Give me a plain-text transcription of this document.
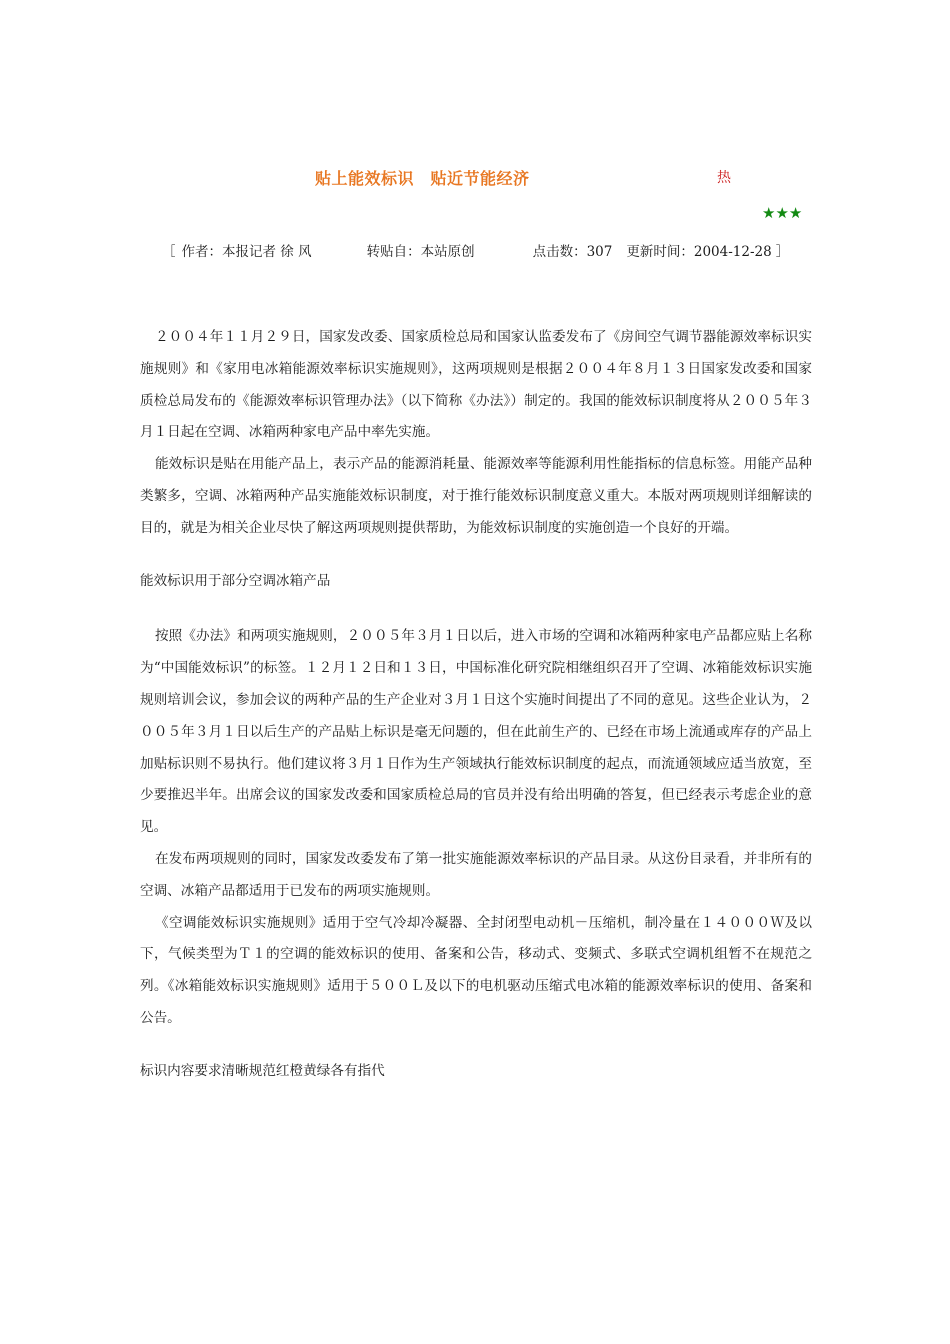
贴上能效标识　贴近节能经济	热
★★★
［ 作者：本报记者 徐 风	转贴自：本站原创	点击数：307 更新时间：2004-12-28 ］

２００４年１１月２９日，国家发改委、国家质检总局和国家认监委发布了《房间空气调节器能源效率标识实施规则》和《家用电冰箱能源效率标识实施规则》，这两项规则是根据２００４年８月１３日国家发改委和国家质检总局发布的《能源效率标识管理办法》（以下简称《办法》）制定的。我国的能效标识制度将从２００５年３月１日起在空调、冰箱两种家电产品中率先实施。

能效标识是贴在用能产品上，表示产品的能源消耗量、能源效率等能源利用性能指标的信息标签。用能产品种类繁多，空调、冰箱两种产品实施能效标识制度，对于推行能效标识制度意义重大。本版对两项规则详细解读的目的，就是为相关企业尽快了解这两项规则提供帮助，为能效标识制度的实施创造一个良好的开端。

能效标识用于部分空调冰箱产品

按照《办法》和两项实施规则，２００５年３月１日以后，进入市场的空调和冰箱两种家电产品都应贴上名称为“中国能效标识”的标签。１２月１２日和１３日，中国标准化研究院相继组织召开了空调、冰箱能效标识实施规则培训会议，参加会议的两种产品的生产企业对３月１日这个实施时间提出了不同的意见。这些企业认为，２００５年３月１日以后生产的产品贴上标识是毫无问题的，但在此前生产的、已经在市场上流通或库存的产品上加贴标识则不易执行。他们建议将３月１日作为生产领域执行能效标识制度的起点，而流通领域应适当放宽，至少要推迟半年。出席会议的国家发改委和国家质检总局的官员并没有给出明确的答复，但已经表示考虑企业的意见。

在发布两项规则的同时，国家发改委发布了第一批实施能源效率标识的产品目录。从这份目录看，并非所有的空调、冰箱产品都适用于已发布的两项实施规则。

《空调能效标识实施规则》适用于空气冷却冷凝器、全封闭型电动机－压缩机，制冷量在１４０００Ｗ及以下，气候类型为Ｔ１的空调的能效标识的使用、备案和公告，移动式、变频式、多联式空调机组暂不在规范之列。《冰箱能效标识实施规则》适用于５００Ｌ及以下的电机驱动压缩式电冰箱的能源效率标识的使用、备案和公告。

标识内容要求清晰规范红橙黄绿各有指代
